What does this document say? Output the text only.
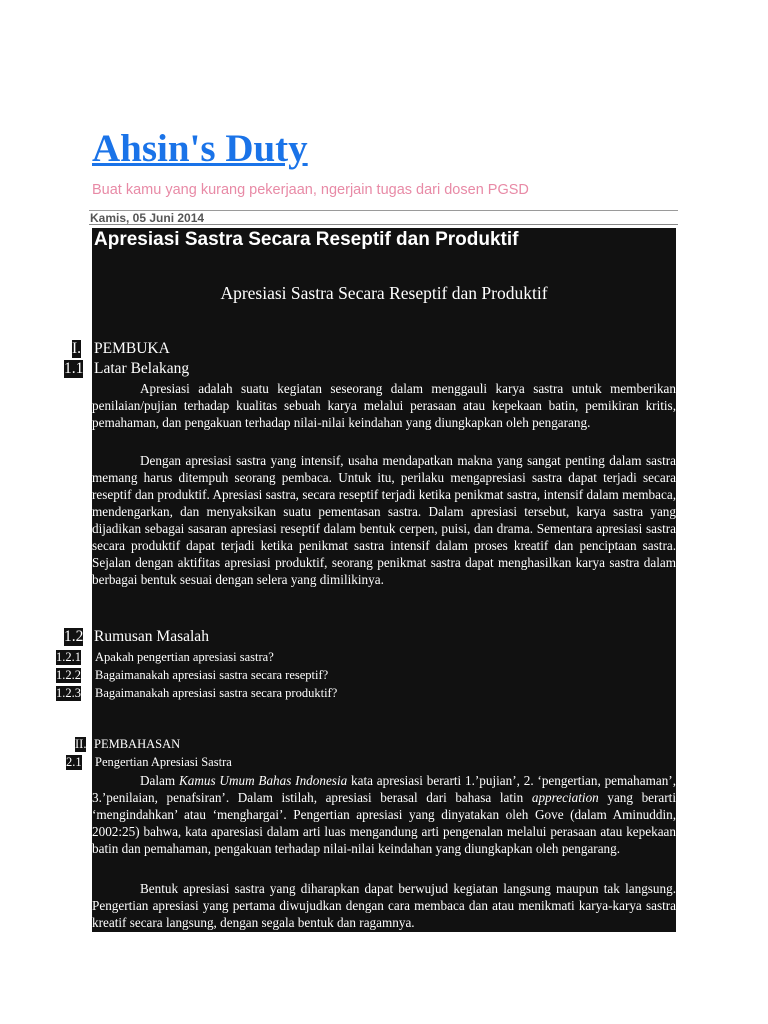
Ahsin's Duty
Buat kamu yang kurang pekerjaan, ngerjain tugas dari dosen PGSD
Kamis, 05 Juni 2014
Apresiasi Sastra Secara Reseptif dan Produktif
Apresiasi Sastra Secara Reseptif dan Produktif
I. PEMBUKA
1.1 Latar Belakang

Apresiasi adalah suatu kegiatan seseorang dalam menggauli karya sastra untuk memberikan penilaian/pujian terhadap kualitas sebuah karya melalui perasaan atau kepekaan batin, pemikiran kritis, pemahaman, dan pengakuan terhadap nilai-nilai keindahan yang diungkapkan oleh pengarang.

Dengan apresiasi sastra yang intensif, usaha mendapatkan makna yang sangat penting dalam sastra memang harus ditempuh seorang pembaca. Untuk itu, perilaku mengapresiasi sastra dapat terjadi secara reseptif dan produktif. Apresiasi sastra, secara reseptif terjadi ketika penikmat sastra, intensif dalam membaca, mendengarkan, dan menyaksikan suatu pementasan sastra. Dalam apresiasi tersebut, karya sastra yang dijadikan sebagai sasaran apresiasi reseptif dalam bentuk cerpen, puisi, dan drama. Sementara apresiasi sastra secara produktif dapat terjadi ketika penikmat sastra intensif dalam proses kreatif dan penciptaan sastra. Sejalan dengan aktifitas apresiasi produktif, seorang penikmat sastra dapat menghasilkan karya sastra dalam berbagai bentuk sesuai dengan selera yang dimilikinya.

1.2 Rumusan Masalah
1.2.1 Apakah pengertian apresiasi sastra?
1.2.2 Bagaimanakah apresiasi sastra secara reseptif?
1.2.3 Bagaimanakah apresiasi sastra secara produktif?
II. PEMBAHASAN
2.1 Pengertian Apresiasi Sastra

Dalam Kamus Umum Bahas Indonesia kata apresiasi berarti 1.’pujian’, 2. ‘pengertian, pemahaman’, 3.’penilaian, penafsiran’. Dalam istilah, apresiasi berasal dari bahasa latin appreciation yang berarti ‘mengindahkan’ atau ‘menghargai’. Pengertian apresiasi yang dinyatakan oleh Gove (dalam Aminuddin, 2002:25) bahwa, kata aparesiasi dalam arti luas mengandung arti pengenalan melalui perasaan atau kepekaan batin dan pemahaman, pengakuan terhadap nilai-nilai keindahan yang diungkapkan oleh pengarang.

Bentuk apresiasi sastra yang diharapkan dapat berwujud kegiatan langsung maupun tak langsung. Pengertian apresiasi yang pertama diwujudkan dengan cara membaca dan atau menikmati karya-karya sastra kreatif secara langsung, dengan segala bentuk dan ragamnya.
